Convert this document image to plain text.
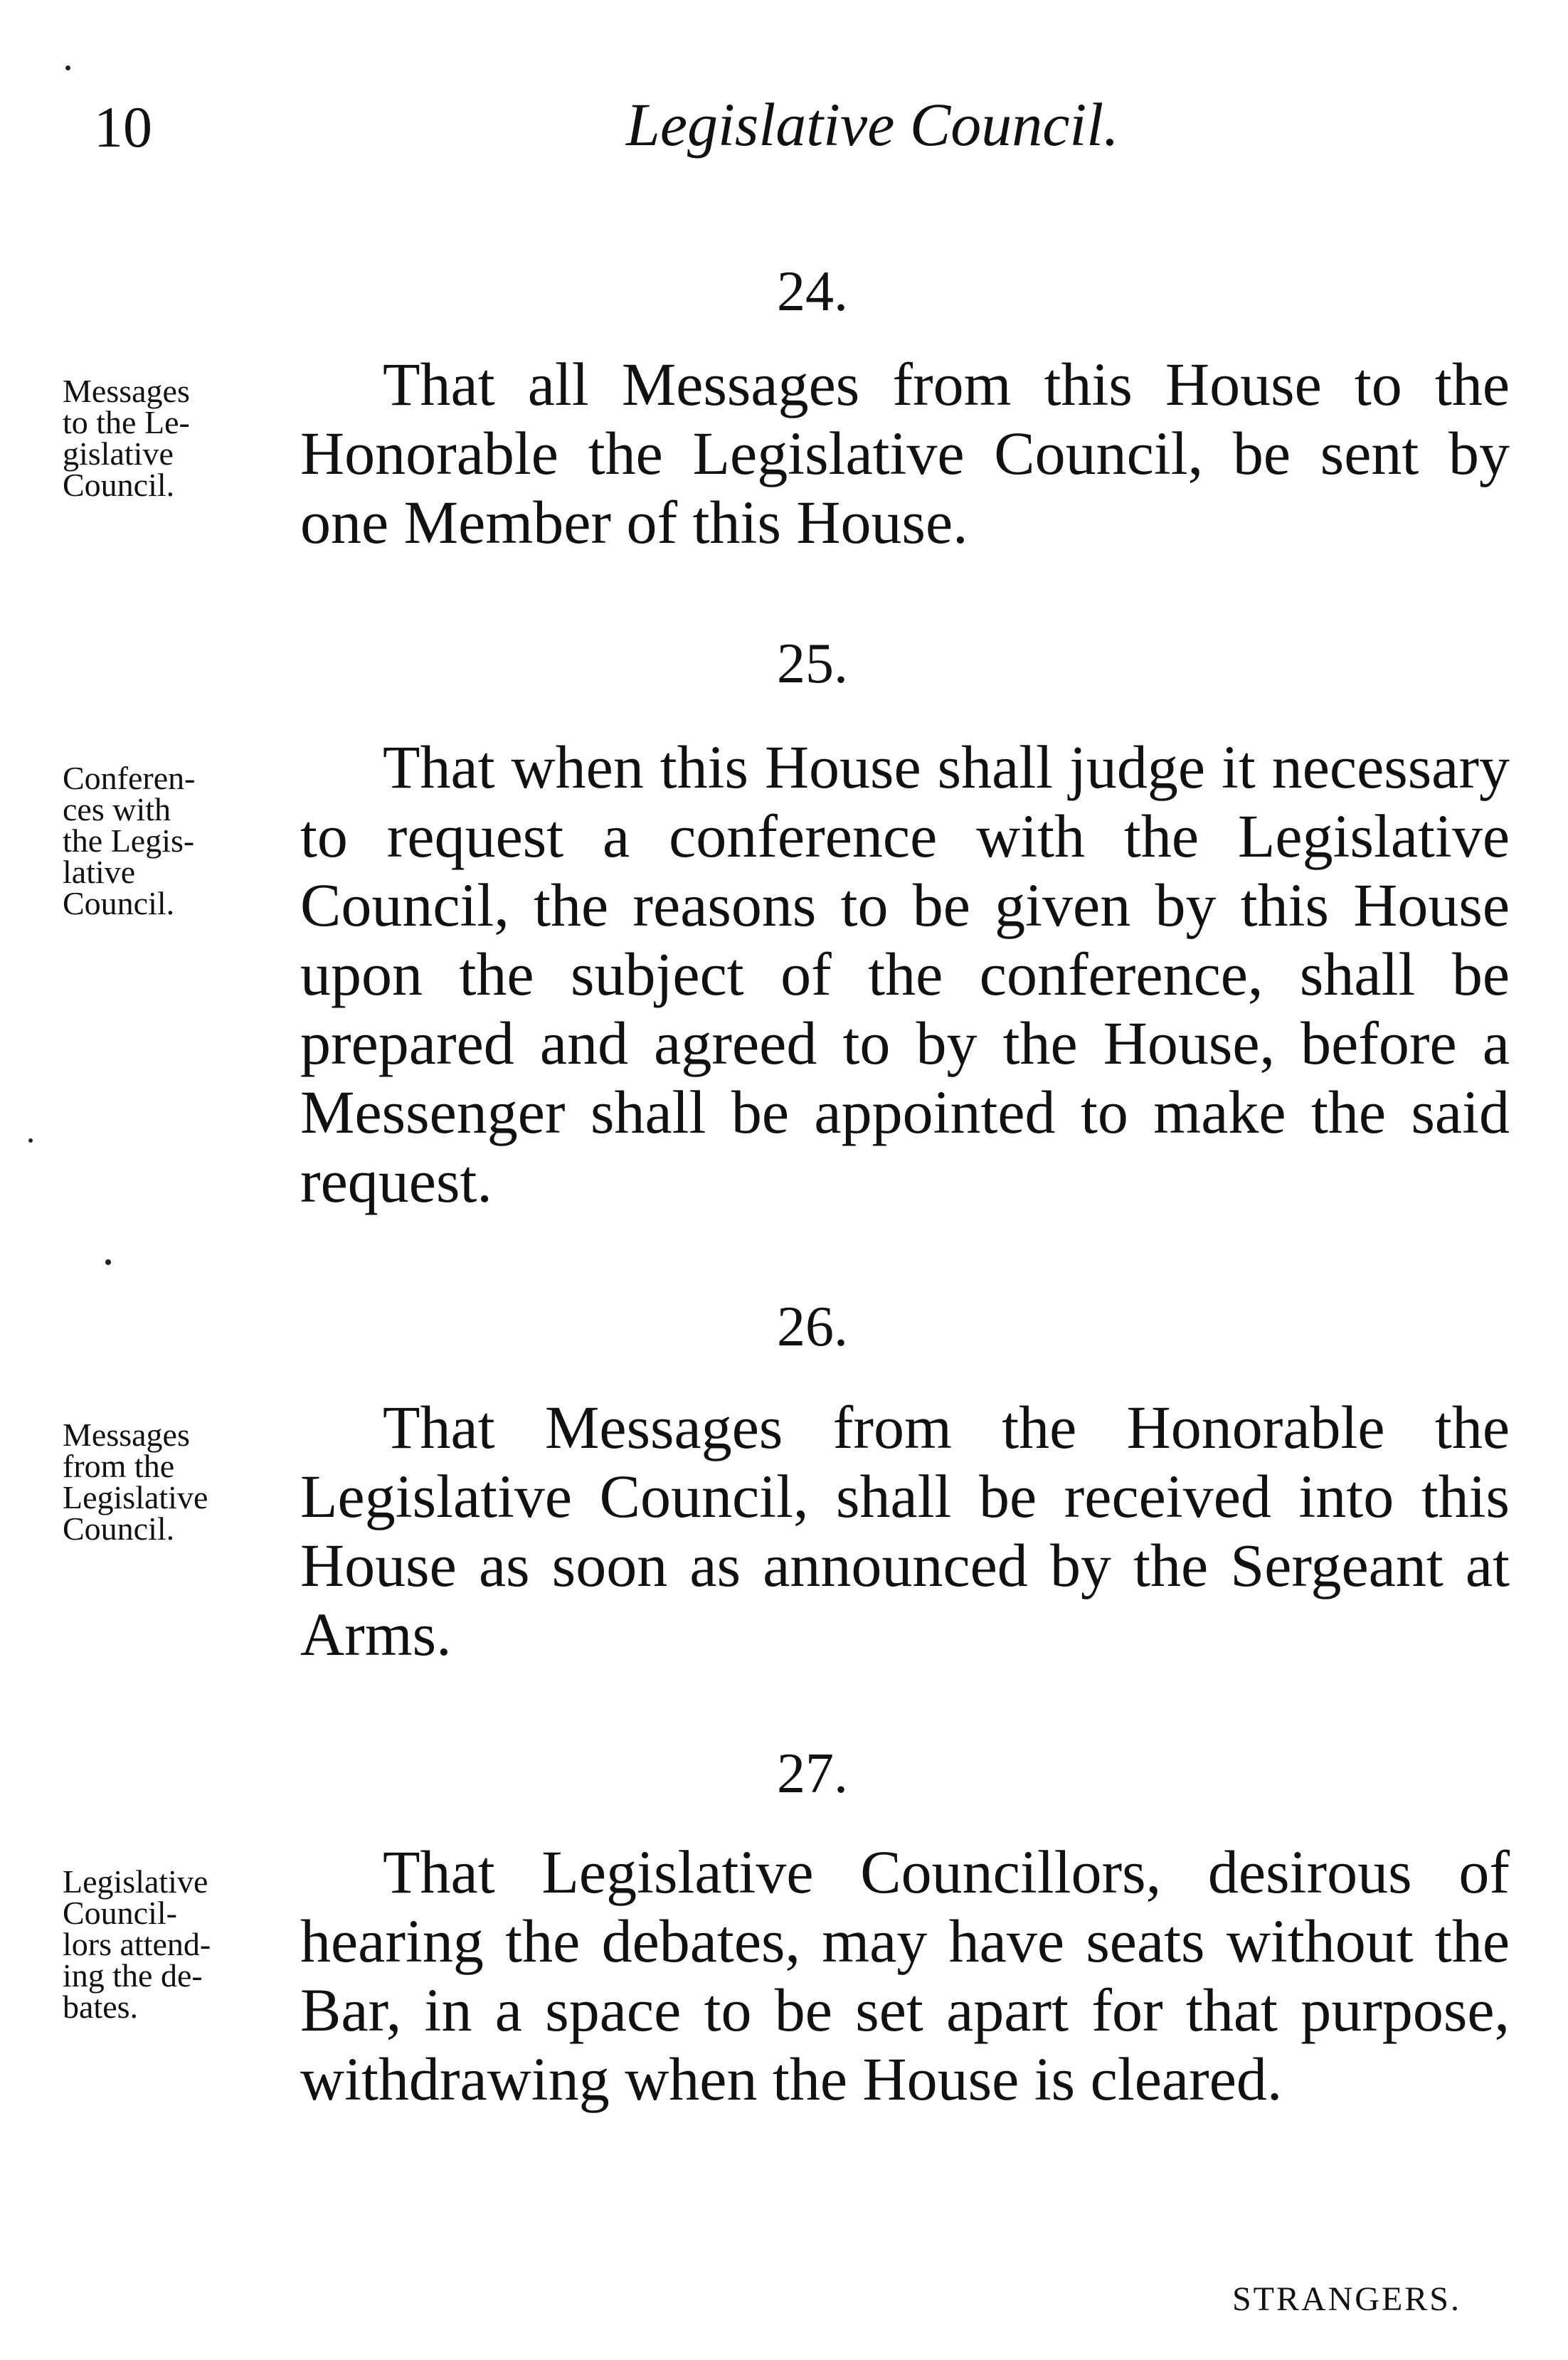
10	Legislative Council.
24.
Messages
to the Le-
gislative
Council.
That all Messages from this House to the Honorable the Legislative Council, be sent by one Member of this House.
25.
Conferen-
ces with
the Legis-
lative
Council.
That when this House shall judge it necessary to request a conference with the Legislative Council, the reasons to be given by this House upon the subject of the conference, shall be prepared and agreed to by the House, before a Messenger shall be appointed to make the said request.
26.
Messages
from the
Legislative
Council.
That Messages from the Honorable the Legislative Council, shall be received into this House as soon as announced by the Sergeant at Arms.
27.
Legislative
Council-
lors attend-
ing the de-
bates.
That Legislative Councillors, desirous of hearing the debates, may have seats without the Bar, in a space to be set apart for that purpose, withdrawing when the House is cleared.
STRANGERS.
